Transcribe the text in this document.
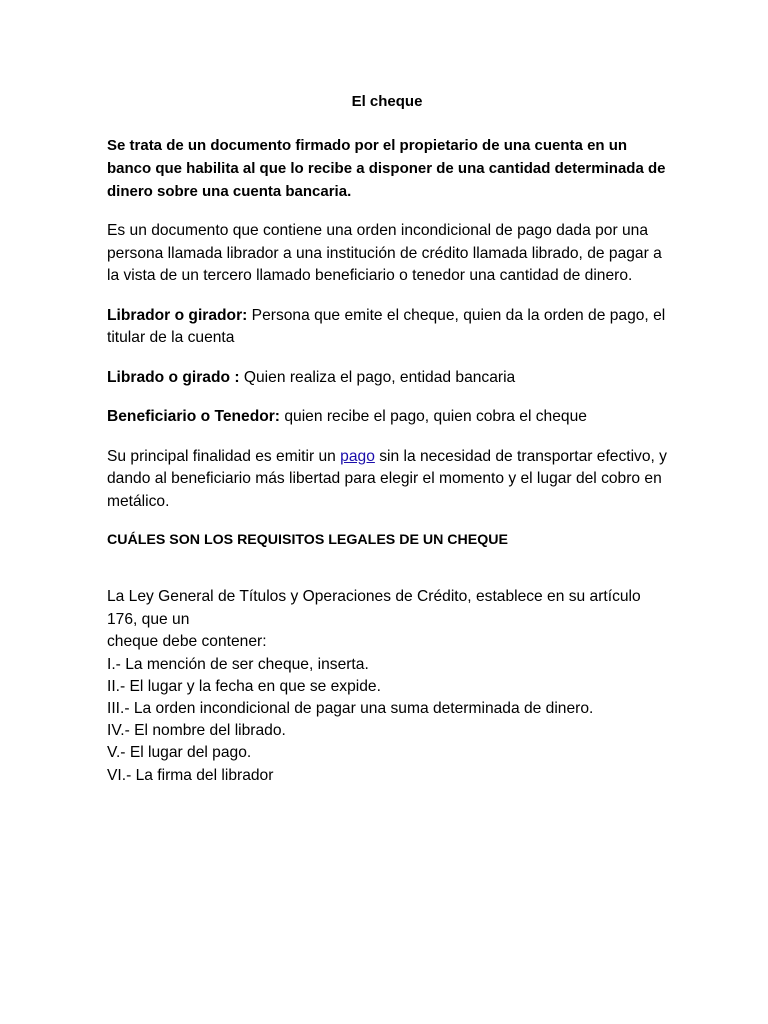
El cheque
Se trata de un documento firmado por el propietario de una cuenta en un banco que habilita al que lo recibe a disponer de una cantidad determinada de dinero sobre una cuenta bancaria.

Es un documento que contiene una orden incondicional de pago dada por una persona llamada librador a una institución de crédito llamada librado, de pagar a la vista de un tercero llamado beneficiario o tenedor una cantidad de dinero.

Librador o girador: Persona que emite el cheque, quien da la orden de pago, el titular de la cuenta
Librado o girado : Quien realiza el pago, entidad bancaria
Beneficiario o Tenedor: quien recibe el pago, quien cobra el cheque

Su principal finalidad es emitir un pago sin la necesidad de transportar efectivo, y dando al beneficiario más libertad para elegir el momento y el lugar del cobro en metálico.

CUÁLES SON LOS REQUISITOS LEGALES DE UN CHEQUE
La Ley General de Títulos y Operaciones de Crédito, establece en su artículo 176, que un
cheque debe contener:
I.- La mención de ser cheque, inserta.
II.- El lugar y la fecha en que se expide.
III.- La orden incondicional de pagar una suma determinada de dinero.
IV.- El nombre del librado.
V.- El lugar del pago.
VI.- La firma del librador
